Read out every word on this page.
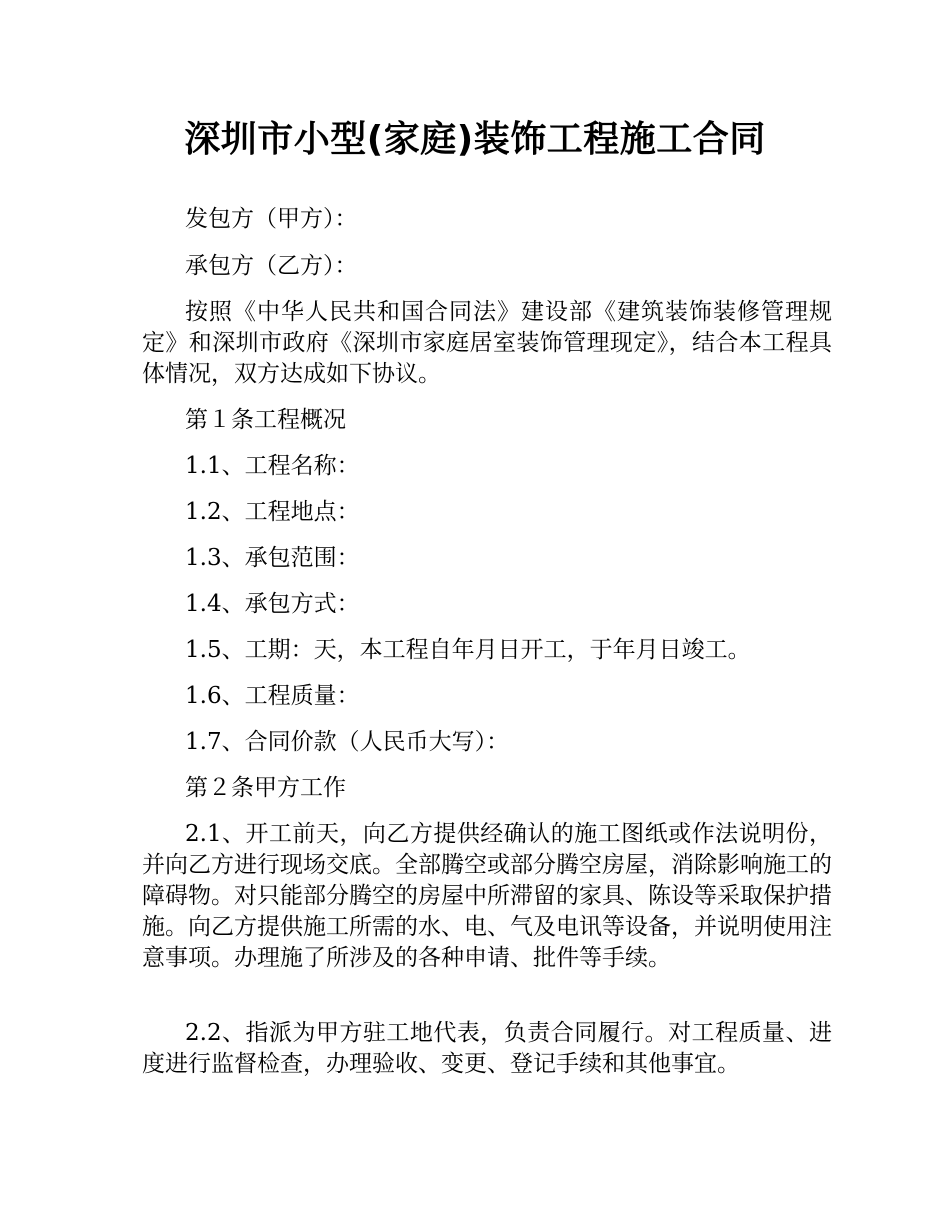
深圳市小型(家庭)装饰工程施工合同

发包方（甲方）：

承包方（乙方）：

按照《中华人民共和国合同法》建设部《建筑装饰装修管理规定》和深圳市政府《深圳市家庭居室装饰管理现定》，结合本工程具体情况，双方达成如下协议。

第１条工程概况

1.1、工程名称：

1.2、工程地点：

1.3、承包范围：

1.4、承包方式：

1.5、工期：天，本工程自年月日开工，于年月日竣工。

1.6、工程质量：

1.7、合同价款（人民币大写）：

第２条甲方工作

2.1、开工前天，向乙方提供经确认的施工图纸或作法说明份，并向乙方进行现场交底。全部腾空或部分腾空房屋，消除影响施工的障碍物。对只能部分腾空的房屋中所滞留的家具、陈设等采取保护措施。向乙方提供施工所需的水、电、气及电讯等设备，并说明使用注意事项。办理施了所涉及的各种申请、批件等手续。

2.2、指派为甲方驻工地代表，负责合同履行。对工程质量、进度进行监督检查，办理验收、变更、登记手续和其他事宜。
